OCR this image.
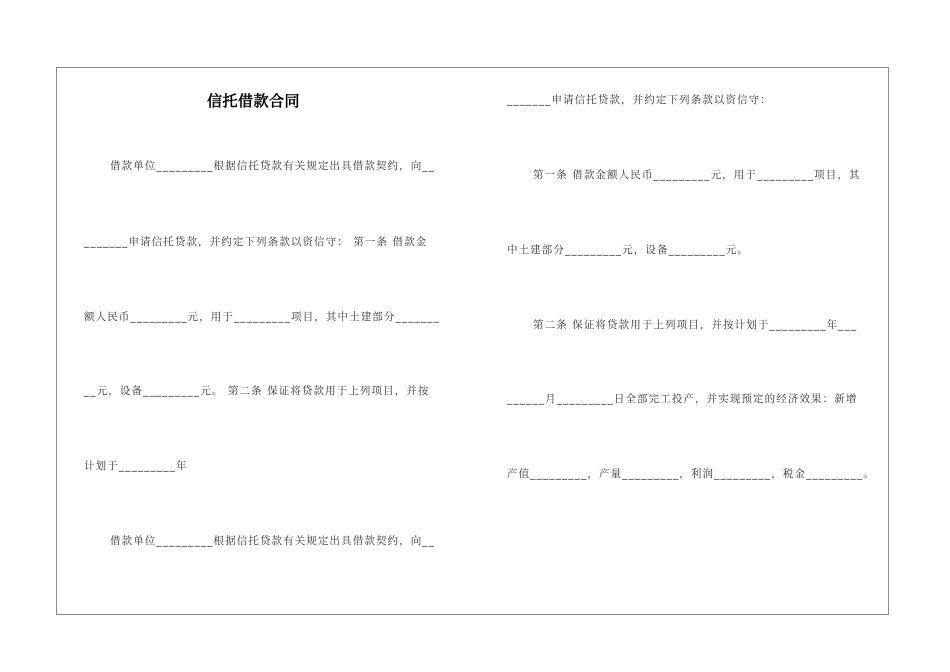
信托借款合同
借款单位_________根据信托贷款有关规定出具借款契约，向__
_______申请信托贷款，并约定下列条款以资信守： 第一条 借款金
额人民币_________元，用于_________项目，其中土建部分_______
__元，设备_________元。 第二条 保证将贷款用于上列项目，并按
计划于_________年
借款单位_________根据信托贷款有关规定出具借款契约，向__
_______申请信托贷款，并约定下列条款以资信守：
第一条 借款金额人民币_________元，用于_________项目，其
中土建部分_________元，设备_________元。
第二条 保证将贷款用于上列项目，并按计划于_________年___
______月_________日全部完工投产，并实现预定的经济效果：新增
产值_________，产量_________，利润_________，税金_________。
